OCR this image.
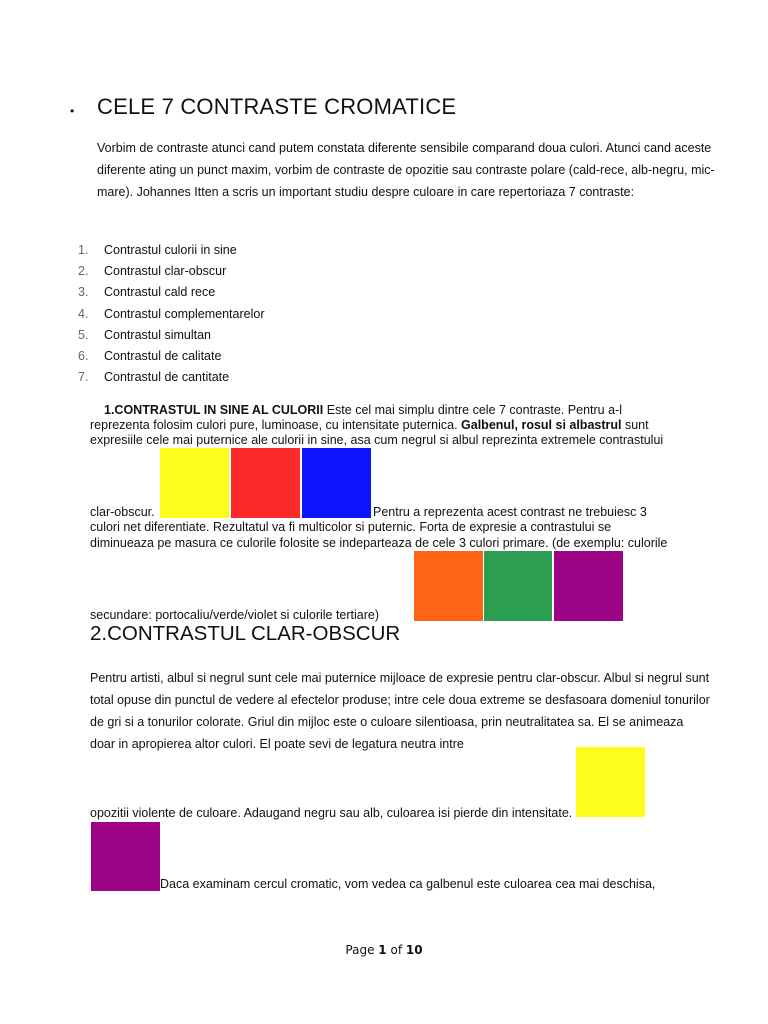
• CELE 7 CONTRASTE CROMATICE

Vorbim de contraste atunci cand putem constata diferente sensibile comparand doua culori. Atunci cand aceste diferente ating un punct maxim, vorbim de contraste de opozitie sau contraste polare (cald-rece, alb-negru, mic-mare). Johannes Itten a scris un important studiu despre culoare in care repertoriaza 7 contraste:

1. Contrastul culorii in sine
2. Contrastul clar-obscur
3. Contrastul cald rece
4. Contrastul complementarelor
5. Contrastul simultan
6. Contrastul de calitate
7. Contrastul de cantitate
1.CONTRASTUL IN SINE AL CULORII Este cel mai simplu dintre cele 7 contraste. Pentru a-l
reprezenta folosim culori pure, luminoase, cu intensitate puternica. Galbenul, rosul si albastrul sunt
expresiile cele mai puternice ale culorii in sine, asa cum negrul si albul reprezinta extremele contrastului
clar-obscur.	Pentru a reprezenta acest contrast ne trebuiesc 3
culori net diferentiate. Rezultatul va fi multicolor si puternic. Forta de expresie a contrastului se
diminueaza pe masura ce culorile folosite se indeparteaza de cele 3 culori primare. (de exemplu: culorile
secundare: portocaliu/verde/violet si culorile tertiare)
2.CONTRASTUL CLAR-OBSCUR

Pentru artisti, albul si negrul sunt cele mai puternice mijloace de expresie pentru clar-obscur. Albul si negrul sunt total opuse din punctul de vedere al efectelor produse; intre cele doua extreme se desfasoara domeniul tonurilor de gri si a tonurilor colorate. Griul din mijloc este o culoare silentioasa, prin neutralitatea sa. El se animeaza doar in apropierea altor culori. El poate sevi de legatura neutra intre

opozitii violente de culoare. Adaugand negru sau alb, culoarea isi pierde din intensitate.
Daca examinam cercul cromatic, vom vedea ca galbenul este culoarea cea mai deschisa,
Page 1 of 10
